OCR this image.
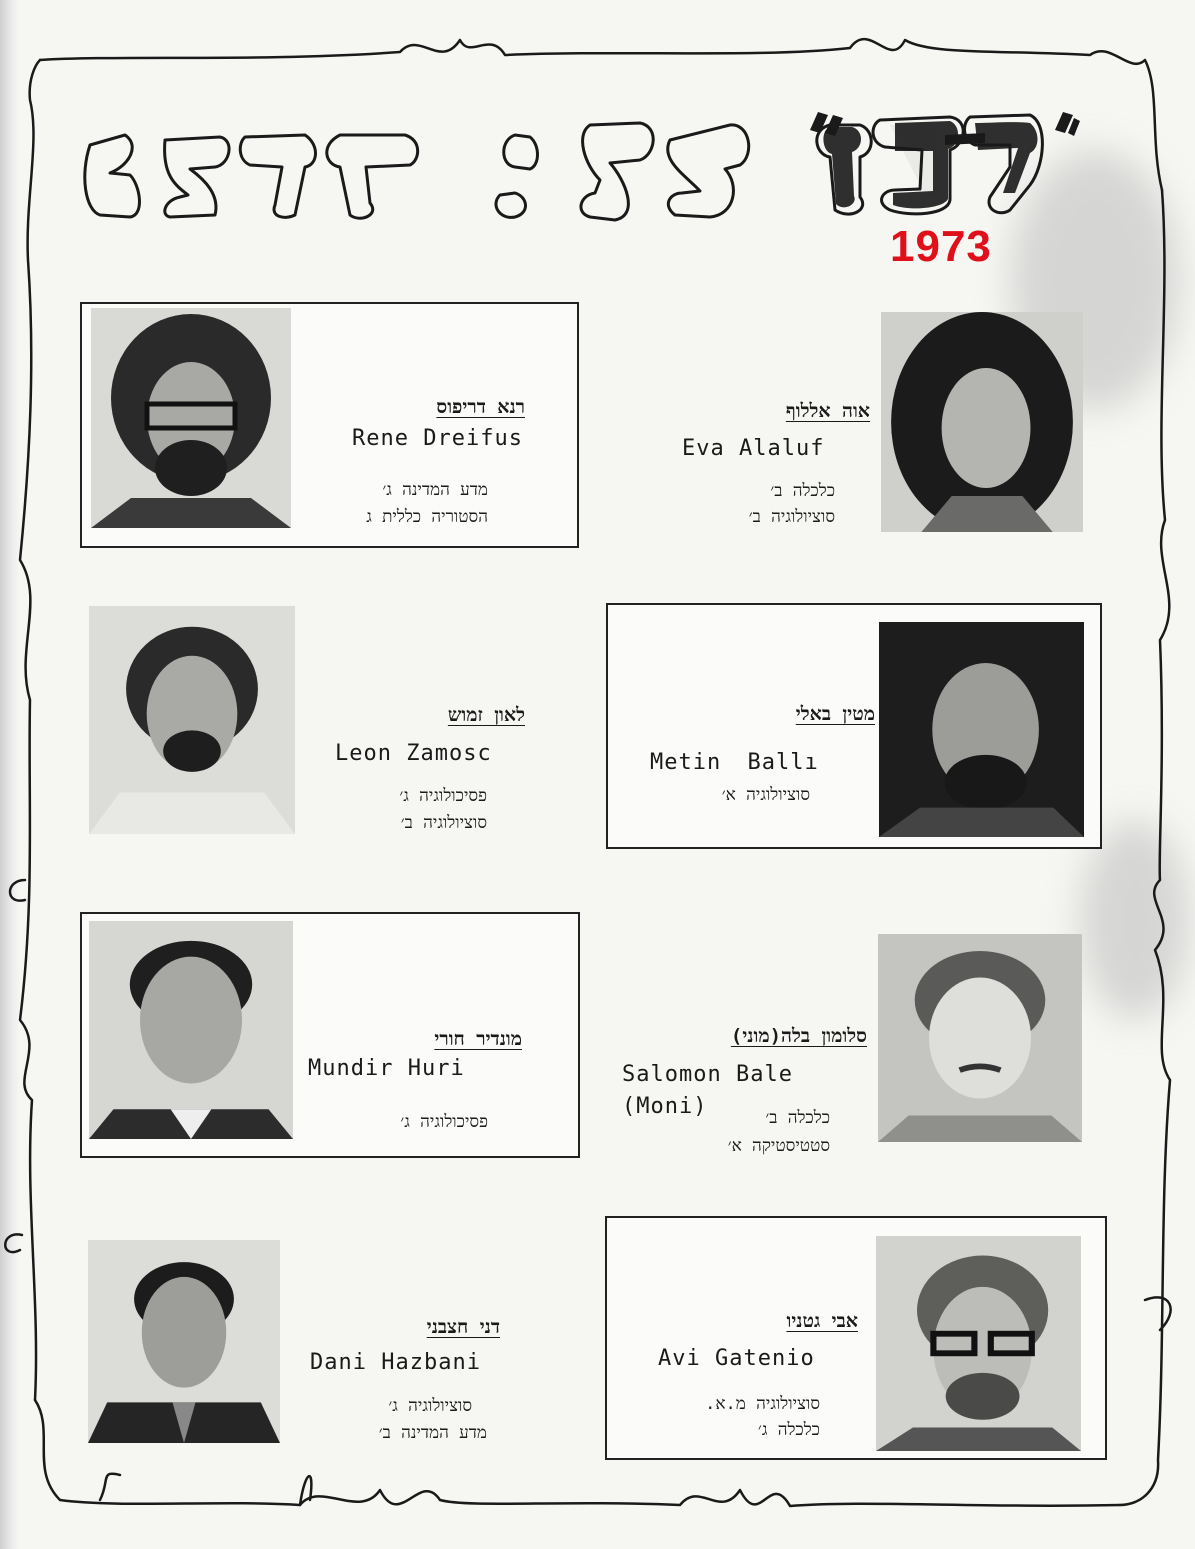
1973
רנא דריפוס
Rene Dreifus
מדע המדינה ג׳
הסטוריה כללית ג
אוה אללוף
Eva Alaluf
כלכלה ב׳
סוציולוגיה ב׳
לאון זמוש
Leon Zamosc
פסיכולוגיה ג׳
סוציולוגיה ב׳
מטין באלי
Metin Ballı
סוציולוגיה א׳
מונדיר חורי
Mundir Huri
פסיכולוגיה ג׳
סלומון בלה(מוני)
Salomon Bale
(Moni)	כלכלה ב׳
סטטיסטיקה א׳
דני חצבני
Dani Hazbani
סוציולוגיה ג׳
מדע המדינה ב׳
אבי גטניו
Avi Gatenio
סוציולוגיה מ.א.
כלכלה ג׳
